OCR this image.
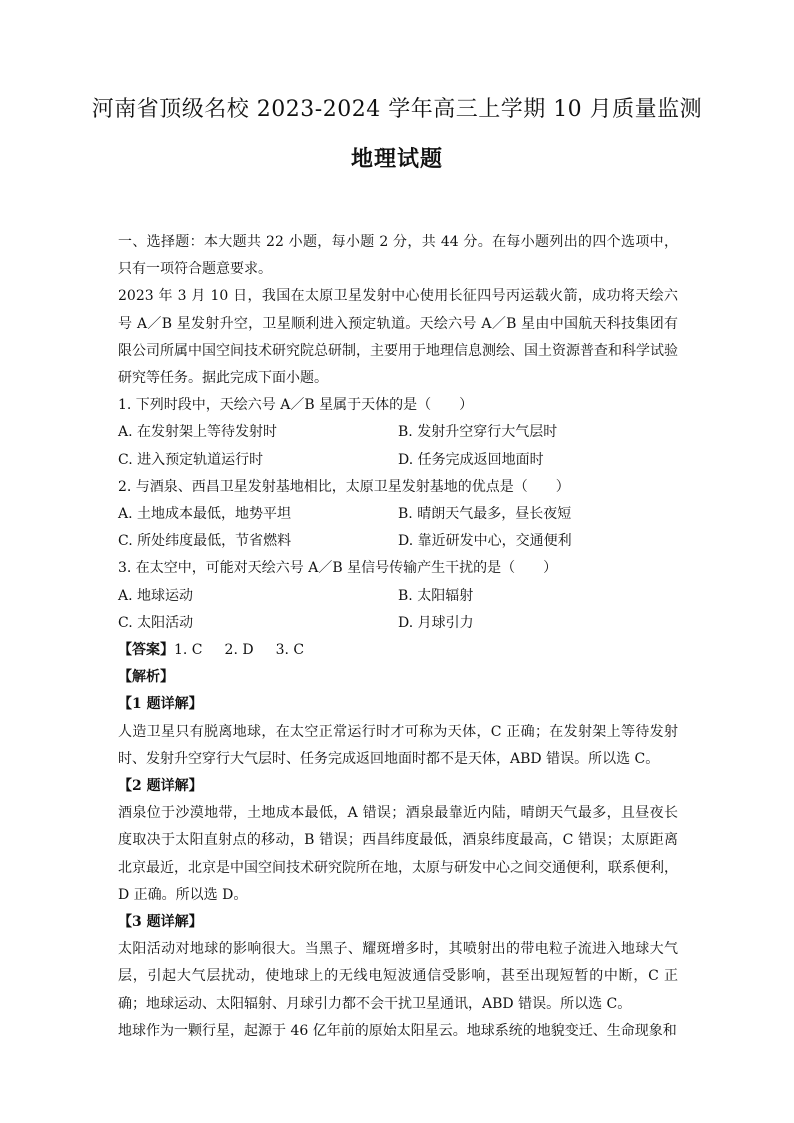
河南省顶级名校 2023-2024 学年高三上学期 10 月质量监测
地理试题

一、选择题：本大题共 22 小题，每小题 2 分，共 44 分。在每小题列出的四个选项中，只有一项符合题意要求。

2023 年 3 月 10 日，我国在太原卫星发射中心使用长征四号丙运载火箭，成功将天绘六号 A／B 星发射升空，卫星顺利进入预定轨道。天绘六号 A／B 星由中国航天科技集团有限公司所属中国空间技术研究院总研制，主要用于地理信息测绘、国土资源普查和科学试验研究等任务。据此完成下面小题。

1. 下列时段中，天绘六号 A／B 星属于天体的是（　　）

A. 在发射架上等待发射时	B. 发射升空穿行大气层时
C. 进入预定轨道运行时	D. 任务完成返回地面时

2. 与酒泉、西昌卫星发射基地相比，太原卫星发射基地的优点是（　　）

A. 土地成本最低，地势平坦	B. 晴朗天气最多，昼长夜短
C. 所处纬度最低，节省燃料	D. 靠近研发中心，交通便利

3. 在太空中，可能对天绘六号 A／B 星信号传输产生干扰的是（　　）

A. 地球运动	B. 太阳辐射
C. 太阳活动	D. 月球引力

【答案】1. C 2. D 3. C

【解析】

【1 题详解】

人造卫星只有脱离地球，在太空正常运行时才可称为天体，C 正确；在发射架上等待发射时、发射升空穿行大气层时、任务完成返回地面时都不是天体，ABD 错误。所以选 C。

【2 题详解】

酒泉位于沙漠地带，土地成本最低，A 错误；酒泉最靠近内陆，晴朗天气最多，且昼夜长度取决于太阳直射点的移动，B 错误；西昌纬度最低，酒泉纬度最高，C 错误；太原距离北京最近，北京是中国空间技术研究院所在地，太原与研发中心之间交通便利，联系便利，D 正确。所以选 D。

【3 题详解】

太阳活动对地球的影响很大。当黑子、耀斑增多时，其喷射出的带电粒子流进入地球大气层，引起大气层扰动，使地球上的无线电短波通信受影响，甚至出现短暂的中断，C 正确；地球运动、太阳辐射、月球引力都不会干扰卫星通讯，ABD 错误。所以选 C。

地球作为一颗行星，起源于 46 亿年前的原始太阳星云。地球系统的地貌变迁、生命现象和
